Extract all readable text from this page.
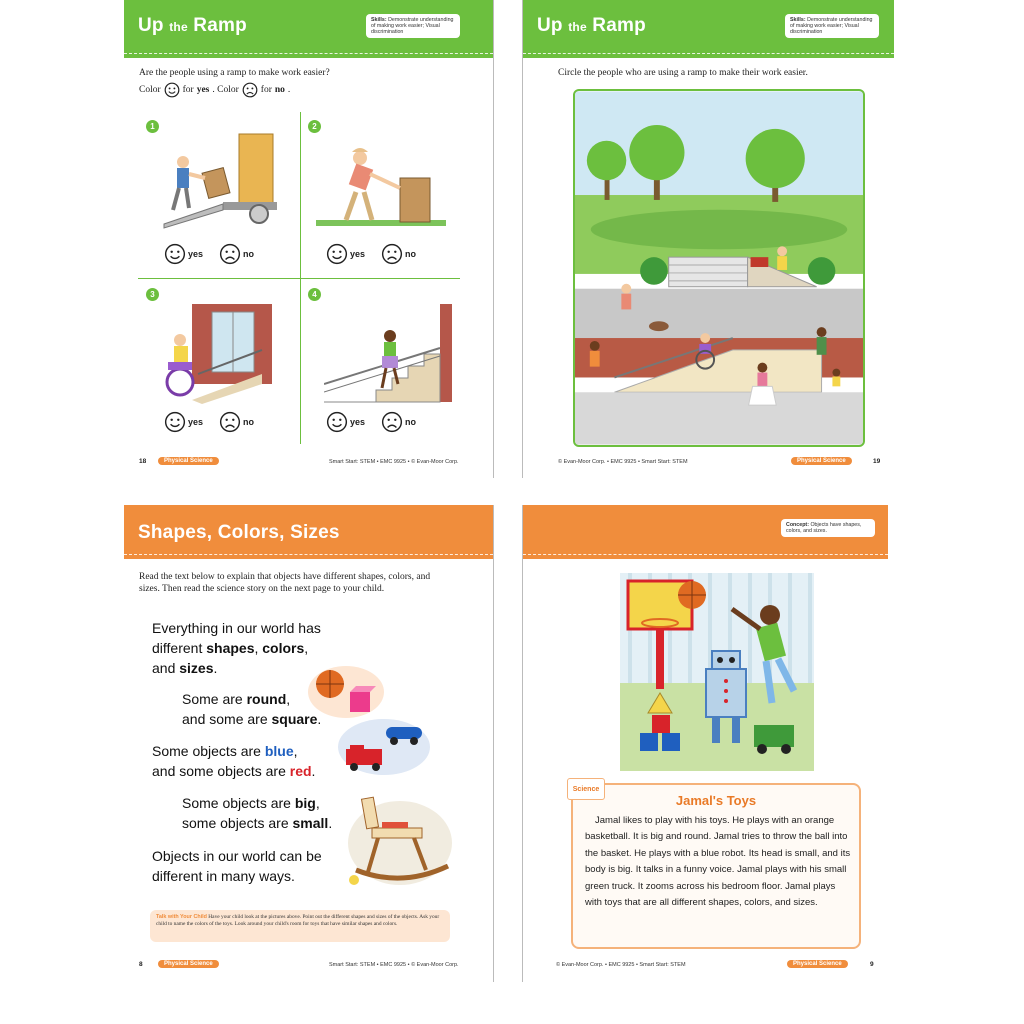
Up the Ramp	Skills: Demonstrate understanding of making work easier; Visual discrimination
Are the people using a ramp to make work easier?
Color for yes . Color for no .
1
yes	no
2
yes	no
3
yes	no
4
yes	no
18	Physical Science	Smart Start: STEM • EMC 9925 • © Evan-Moor Corp.
Up the Ramp	Skills: Demonstrate understanding of making work easier; Visual discrimination
Circle the people who are using a ramp to make their work easier.
© Evan-Moor Corp. • EMC 9925 • Smart Start: STEM	Physical Science	19
Shapes, Colors, Sizes
Read the text below to explain that objects have different shapes, colors, and sizes. Then read the science story on the next page to your child.
Everything in our world has
different shapes, colors,
and sizes.
Some are round,
and some are square.
Some objects are blue,
and some objects are red.
Some objects are big,
some objects are small.
Objects in our world can be
different in many ways.
Talk with Your Child Have your child look at the pictures above. Point out the different shapes and sizes of the objects. Ask your child to name the colors of the toys. Look around your child's room for toys that have similar shapes and colors.
8	Physical Science	Smart Start: STEM • EMC 9925 • © Evan-Moor Corp.
Concept: Objects have shapes, colors, and sizes.
Science
Jamal's Toys
Jamal likes to play with his toys. He plays with an orange basketball. It is big and round. Jamal tries to throw the ball into the basket. He plays with a blue robot. Its head is small, and its body is big. It talks in a funny voice. Jamal plays with his small green truck. It zooms across his bedroom floor. Jamal plays with toys that are all different shapes, colors, and sizes.
© Evan-Moor Corp. • EMC 9925 • Smart Start: STEM	Physical Science	9
